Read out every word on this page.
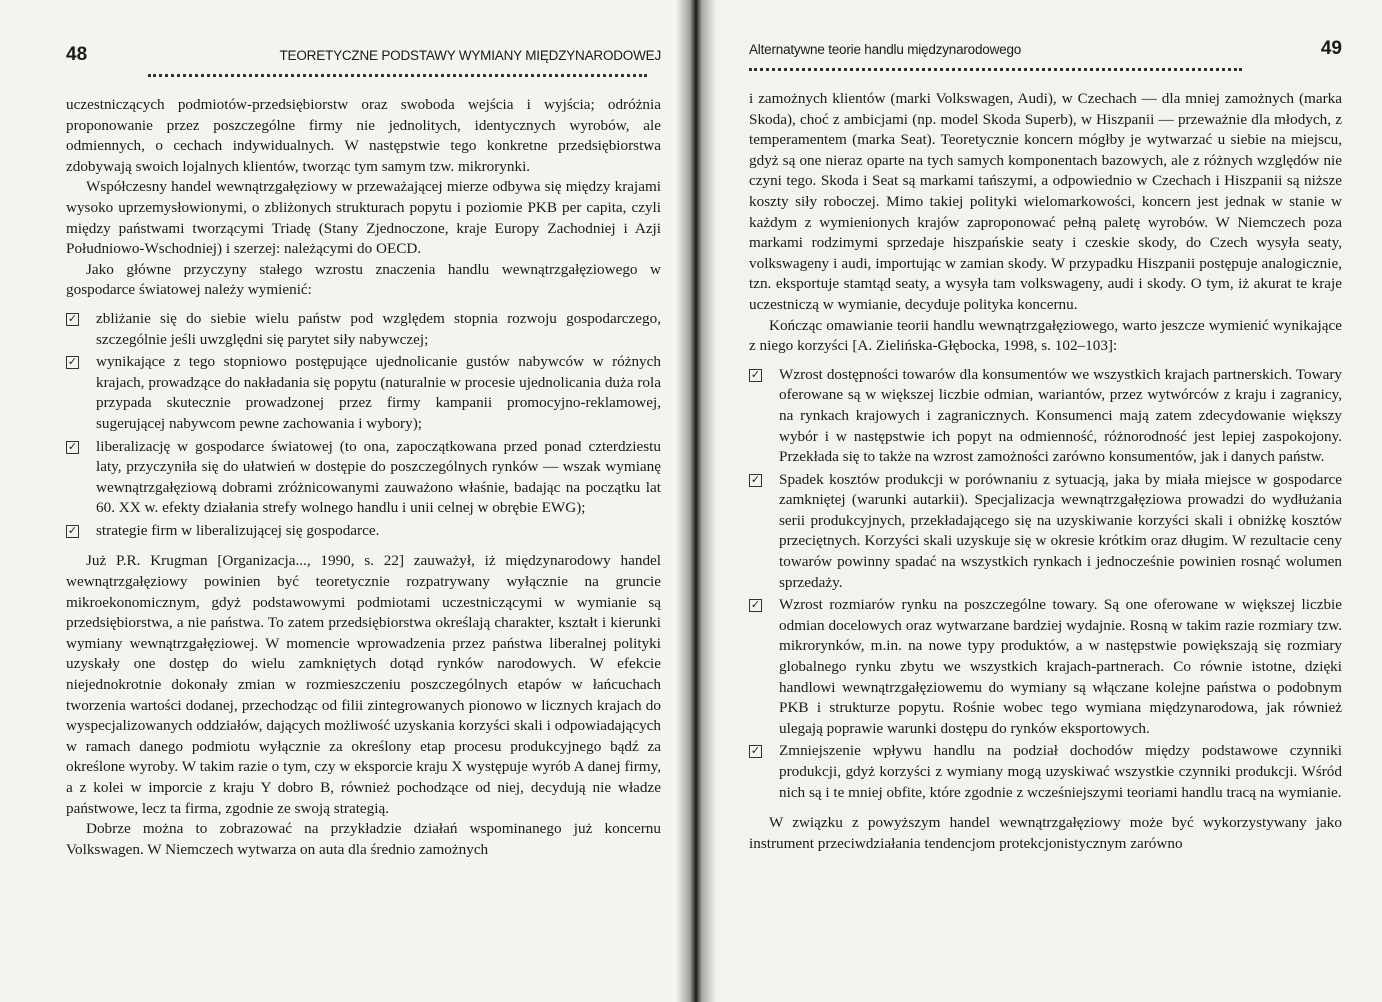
48	TEORETYCZNE PODSTAWY WYMIANY MIĘDZYNARODOWEJ

uczestniczących podmiotów-przedsiębiorstw oraz swoboda wejścia i wyjścia; odróżnia proponowanie przez poszczególne firmy nie jednolitych, identycznych wyrobów, ale odmiennych, o cechach indywidualnych. W następstwie tego konkretne przedsiębiorstwa zdobywają swoich lojalnych klientów, tworząc tym samym tzw. mikrorynki.

Współczesny handel wewnątrzgałęziowy w przeważającej mierze odbywa się między krajami wysoko uprzemysłowionymi, o zbliżonych strukturach popytu i poziomie PKB per capita, czyli między państwami tworzącymi Triadę (Stany Zjednoczone, kraje Europy Zachodniej i Azji Południowo-Wschodniej) i szerzej: należącymi do OECD.

Jako główne przyczyny stałego wzrostu znaczenia handlu wewnątrzgałęziowego w gospodarce światowej należy wymienić:

✓ zbliżanie się do siebie wielu państw pod względem stopnia rozwoju gospodarczego, szczególnie jeśli uwzględni się parytet siły nabywczej;
✓ wynikające z tego stopniowo postępujące ujednolicanie gustów nabywców w różnych krajach, prowadzące do nakładania się popytu (naturalnie w procesie ujednolicania duża rola przypada skutecznie prowadzonej przez firmy kampanii promocyjno-reklamowej, sugerującej nabywcom pewne zachowania i wybory);
✓ liberalizację w gospodarce światowej (to ona, zapoczątkowana przed ponad czterdziestu laty, przyczyniła się do ułatwień w dostępie do poszczególnych rynków — wszak wymianę wewnątrzgałęziową dobrami zróżnicowanymi zauważono właśnie, badając na początku lat 60. XX w. efekty działania strefy wolnego handlu i unii celnej w obrębie EWG);
✓ strategie firm w liberalizującej się gospodarce.

Już P.R. Krugman [Organizacja..., 1990, s. 22] zauważył, iż międzynarodowy handel wewnątrzgałęziowy powinien być teoretycznie rozpatrywany wyłącznie na gruncie mikroekonomicznym, gdyż podstawowymi podmiotami uczestniczącymi w wymianie są przedsiębiorstwa, a nie państwa. To zatem przedsiębiorstwa określają charakter, kształt i kierunki wymiany wewnątrzgałęziowej. W momencie wprowadzenia przez państwa liberalnej polityki uzyskały one dostęp do wielu zamkniętych dotąd rynków narodowych. W efekcie niejednokrotnie dokonały zmian w rozmieszczeniu poszczególnych etapów w łańcuchach tworzenia wartości dodanej, przechodząc od filii zintegrowanych pionowo w licznych krajach do wyspecjalizowanych oddziałów, dających możliwość uzyskania korzyści skali i odpowiadających w ramach danego podmiotu wyłącznie za określony etap procesu produkcyjnego bądź za określone wyroby. W takim razie o tym, czy w eksporcie kraju X występuje wyrób A danej firmy, a z kolei w imporcie z kraju Y dobro B, również pochodzące od niej, decydują nie władze państwowe, lecz ta firma, zgodnie ze swoją strategią.

Dobrze można to zobrazować na przykładzie działań wspominanego już koncernu Volkswagen. W Niemczech wytwarza on auta dla średnio zamożnych

Alternatywne teorie handlu międzynarodowego	49

i zamożnych klientów (marki Volkswagen, Audi), w Czechach — dla mniej zamożnych (marka Skoda), choć z ambicjami (np. model Skoda Superb), w Hiszpanii — przeważnie dla młodych, z temperamentem (marka Seat). Teoretycznie koncern mógłby je wytwarzać u siebie na miejscu, gdyż są one nieraz oparte na tych samych komponentach bazowych, ale z różnych względów nie czyni tego. Skoda i Seat są markami tańszymi, a odpowiednio w Czechach i Hiszpanii są niższe koszty siły roboczej. Mimo takiej polityki wielomarkowości, koncern jest jednak w stanie w każdym z wymienionych krajów zaproponować pełną paletę wyrobów. W Niemczech poza markami rodzimymi sprzedaje hiszpańskie seaty i czeskie skody, do Czech wysyła seaty, volkswageny i audi, importując w zamian skody. W przypadku Hiszpanii postępuje analogicznie, tzn. eksportuje stamtąd seaty, a wysyła tam volkswageny, audi i skody. O tym, iż akurat te kraje uczestniczą w wymianie, decyduje polityka koncernu.

Kończąc omawianie teorii handlu wewnątrzgałęziowego, warto jeszcze wymienić wynikające z niego korzyści [A. Zielińska-Głębocka, 1998, s. 102–103]:

✓ Wzrost dostępności towarów dla konsumentów we wszystkich krajach partnerskich. Towary oferowane są w większej liczbie odmian, wariantów, przez wytwórców z kraju i zagranicy, na rynkach krajowych i zagranicznych. Konsumenci mają zatem zdecydowanie większy wybór i w następstwie ich popyt na odmienność, różnorodność jest lepiej zaspokojony. Przekłada się to także na wzrost zamożności zarówno konsumentów, jak i danych państw.
✓ Spadek kosztów produkcji w porównaniu z sytuacją, jaka by miała miejsce w gospodarce zamkniętej (warunki autarkii). Specjalizacja wewnątrzgałęziowa prowadzi do wydłużania serii produkcyjnych, przekładającego się na uzyskiwanie korzyści skali i obniżkę kosztów przeciętnych. Korzyści skali uzyskuje się w okresie krótkim oraz długim. W rezultacie ceny towarów powinny spadać na wszystkich rynkach i jednocześnie powinien rosnąć wolumen sprzedaży.
✓ Wzrost rozmiarów rynku na poszczególne towary. Są one oferowane w większej liczbie odmian docelowych oraz wytwarzane bardziej wydajnie. Rosną w takim razie rozmiary tzw. mikrorynków, m.in. na nowe typy produktów, a w następstwie powiększają się rozmiary globalnego rynku zbytu we wszystkich krajach-partnerach. Co równie istotne, dzięki handlowi wewnątrzgałęziowemu do wymiany są włączane kolejne państwa o podobnym PKB i strukturze popytu. Rośnie wobec tego wymiana międzynarodowa, jak również ulegają poprawie warunki dostępu do rynków eksportowych.
✓ Zmniejszenie wpływu handlu na podział dochodów między podstawowe czynniki produkcji, gdyż korzyści z wymiany mogą uzyskiwać wszystkie czynniki produkcji. Wśród nich są i te mniej obfite, które zgodnie z wcześniejszymi teoriami handlu tracą na wymianie.

W związku z powyższym handel wewnątrzgałęziowy może być wykorzystywany jako instrument przeciwdziałania tendencjom protekcjonistycznym zarówno
